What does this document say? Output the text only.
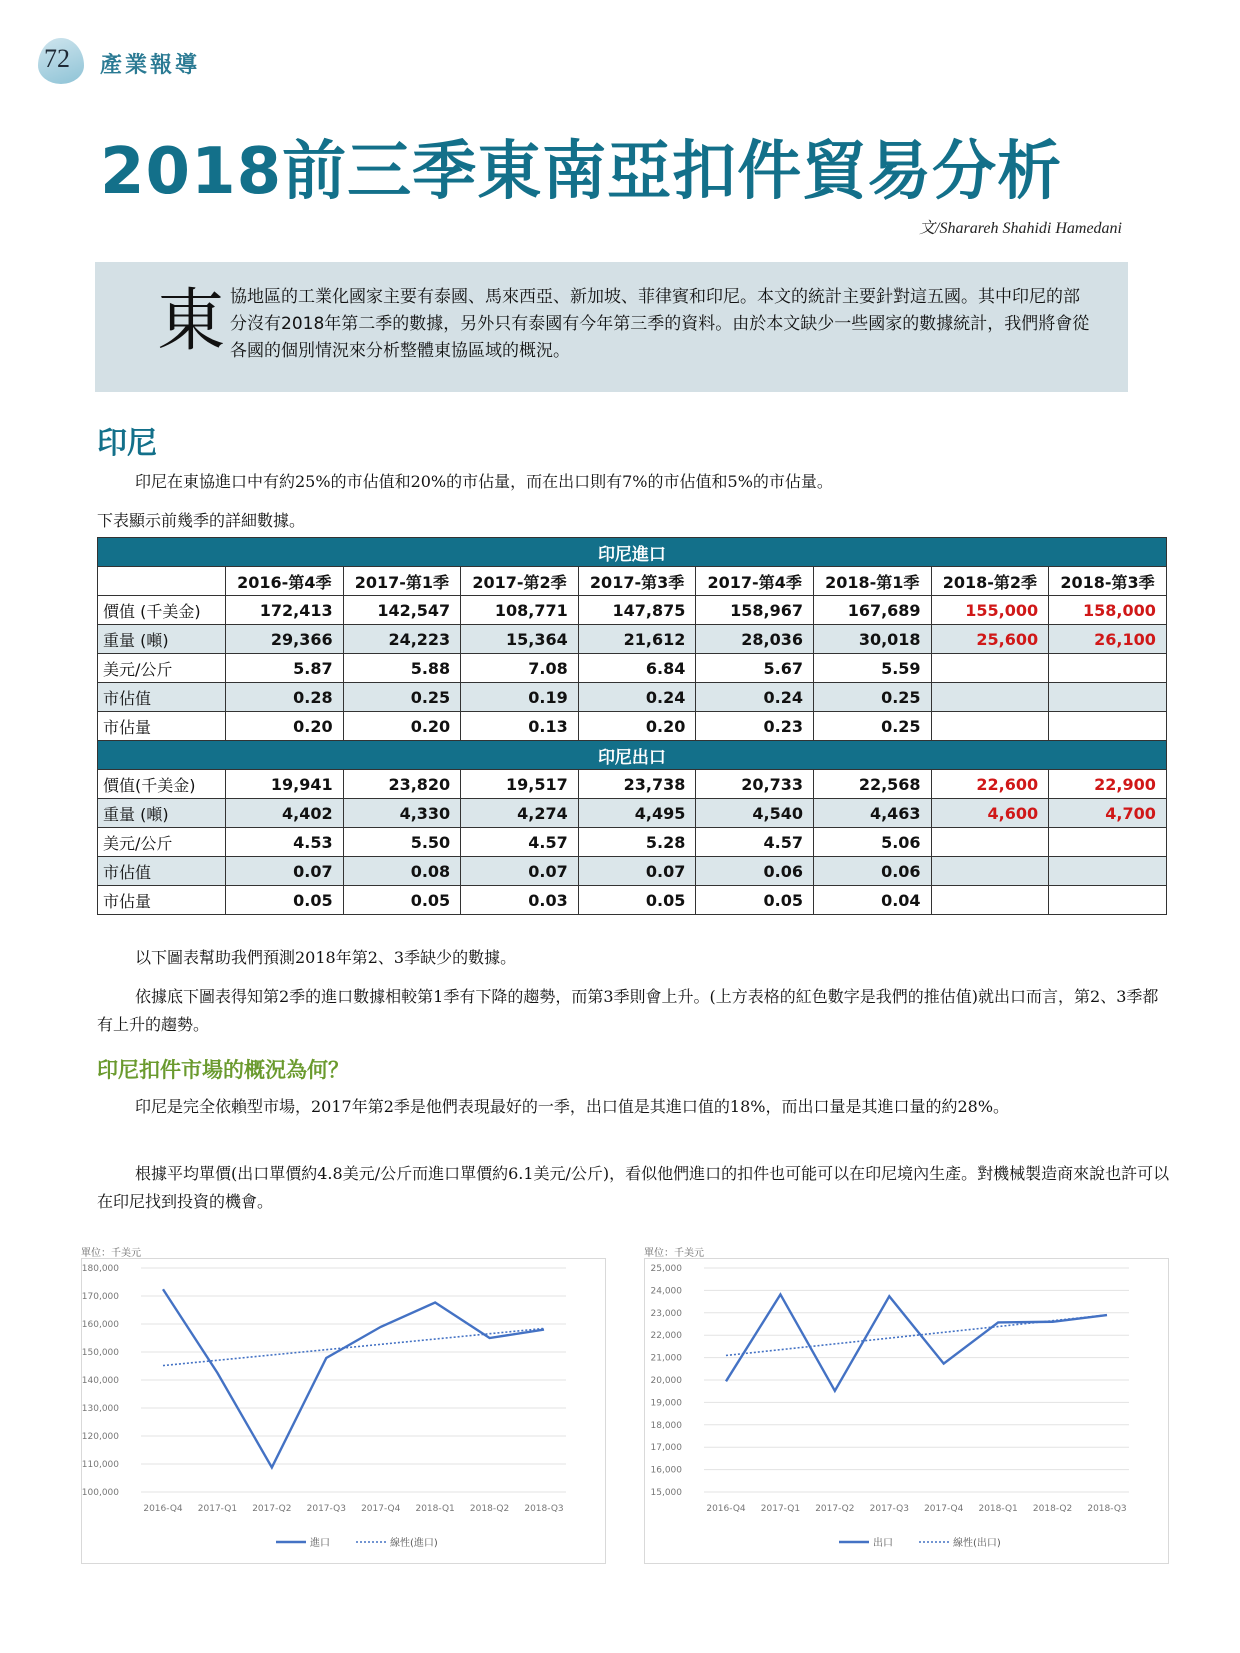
72 產業報導
2018前三季東南亞扣件貿易分析
文/Sharareh Shahidi Hamedani
東 協地區的工業化國家主要有泰國、馬來西亞、新加坡、菲律賓和印尼。本文的統計主要針對這五國。其中印尼的部分沒有2018年第二季的數據，另外只有泰國有今年第三季的資料。由於本文缺少一些國家的數據統計，我們將會從各國的個別情況來分析整體東協區域的概況。
印尼
印尼在東協進口中有約25%的市佔值和20%的市佔量，而在出口則有7%的市佔值和5%的市佔量。
下表顯示前幾季的詳細數據。
印尼進口								
	2016-第4季	2017-第1季	2017-第2季	2017-第3季	2017-第4季	2018-第1季	2018-第2季	2018-第3季
價值 (千美金)	172,413	142,547	108,771	147,875	158,967	167,689	155,000	158,000
重量 (噸)	29,366	24,223	15,364	21,612	28,036	30,018	25,600	26,100
美元/公斤	5.87	5.88	7.08	6.84	5.67	5.59		
市佔值	0.28	0.25	0.19	0.24	0.24	0.25		
市佔量	0.20	0.20	0.13	0.20	0.23	0.25		
印尼出口								
價值(千美金)	19,941	23,820	19,517	23,738	20,733	22,568	22,600	22,900
重量 (噸)	4,402	4,330	4,274	4,495	4,540	4,463	4,600	4,700
美元/公斤	4.53	5.50	4.57	5.28	4.57	5.06		
市佔值	0.07	0.08	0.07	0.07	0.06	0.06		
市佔量	0.05	0.05	0.03	0.05	0.05	0.04		
以下圖表幫助我們預測2018年第2、3季缺少的數據。
依據底下圖表得知第2季的進口數據相較第1季有下降的趨勢，而第3季則會上升。(上方表格的紅色數字是我們的推估值)就出口而言，第2、3季都有上升的趨勢。
印尼扣件市場的概況為何？
印尼是完全依賴型市場，2017年第2季是他們表現最好的一季，出口值是其進口值的18%，而出口量是其進口量的約28%。
根據平均單價(出口單價約4.8美元/公斤而進口單價約6.1美元/公斤)，看似他們進口的扣件也可能可以在印尼境內生產。對機械製造商來說也許可以在印尼找到投資的機會。
單位：千美元
100,000
110,000
120,000
130,000
140,000
150,000
160,000
170,000
180,000
2016-Q4 2017-Q1 2017-Q2 2017-Q3 2017-Q4 2018-Q1 2018-Q2 2018-Q3
進口	線性(進口)
單位：千美元
15,000
16,000
17,000
18,000
19,000
20,000
21,000
22,000
23,000
24,000
25,000
2016-Q4 2017-Q1 2017-Q2 2017-Q3 2017-Q4 2018-Q1 2018-Q2 2018-Q3
出口	線性(出口)
